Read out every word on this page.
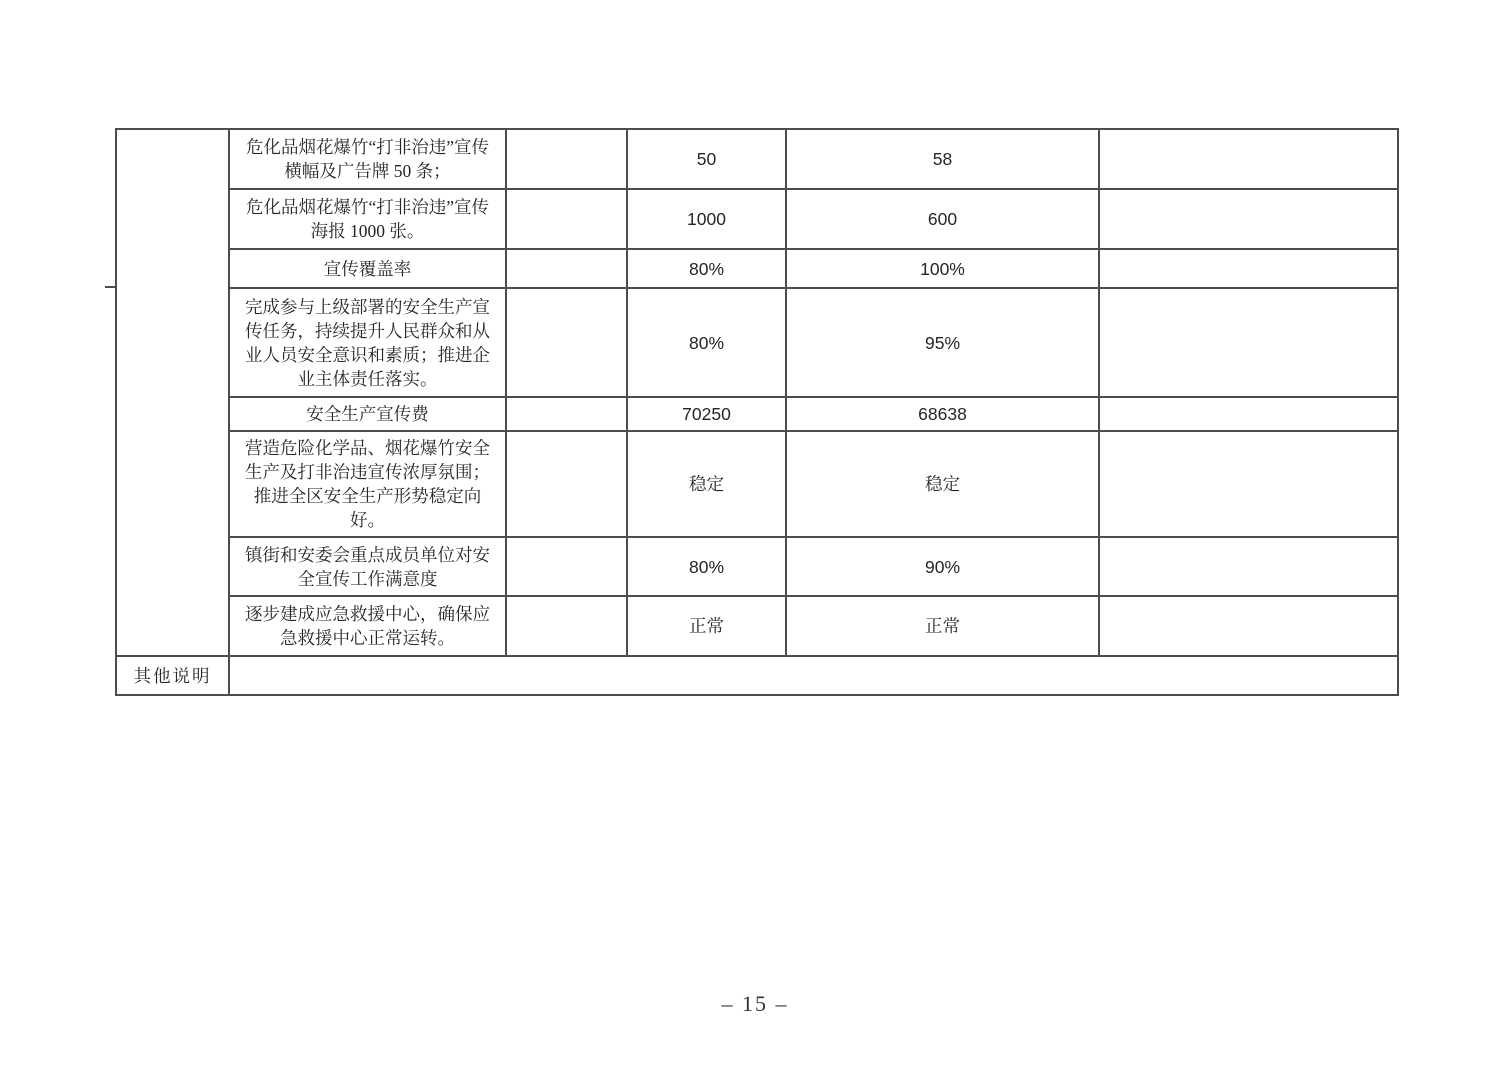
	危化品烟花爆竹“打非治违”宣传横幅及广告牌 50 条；		50	58	
	危化品烟花爆竹“打非治违”宣传海报 1000 张。		1000	600	
	宣传覆盖率		80%	100%	
	完成参与上级部署的安全生产宣传任务，持续提升人民群众和从业人员安全意识和素质；推进企业主体责任落实。		80%	95%	
	安全生产宣传费		70250	68638	
	营造危险化学品、烟花爆竹安全生产及打非治违宣传浓厚氛围；推进全区安全生产形势稳定向好。		稳定	稳定	
	镇街和安委会重点成员单位对安全宣传工作满意度		80%	90%	
	逐步建成应急救援中心，确保应急救援中心正常运转。		正常	正常	
其他说明					
– 15 –
